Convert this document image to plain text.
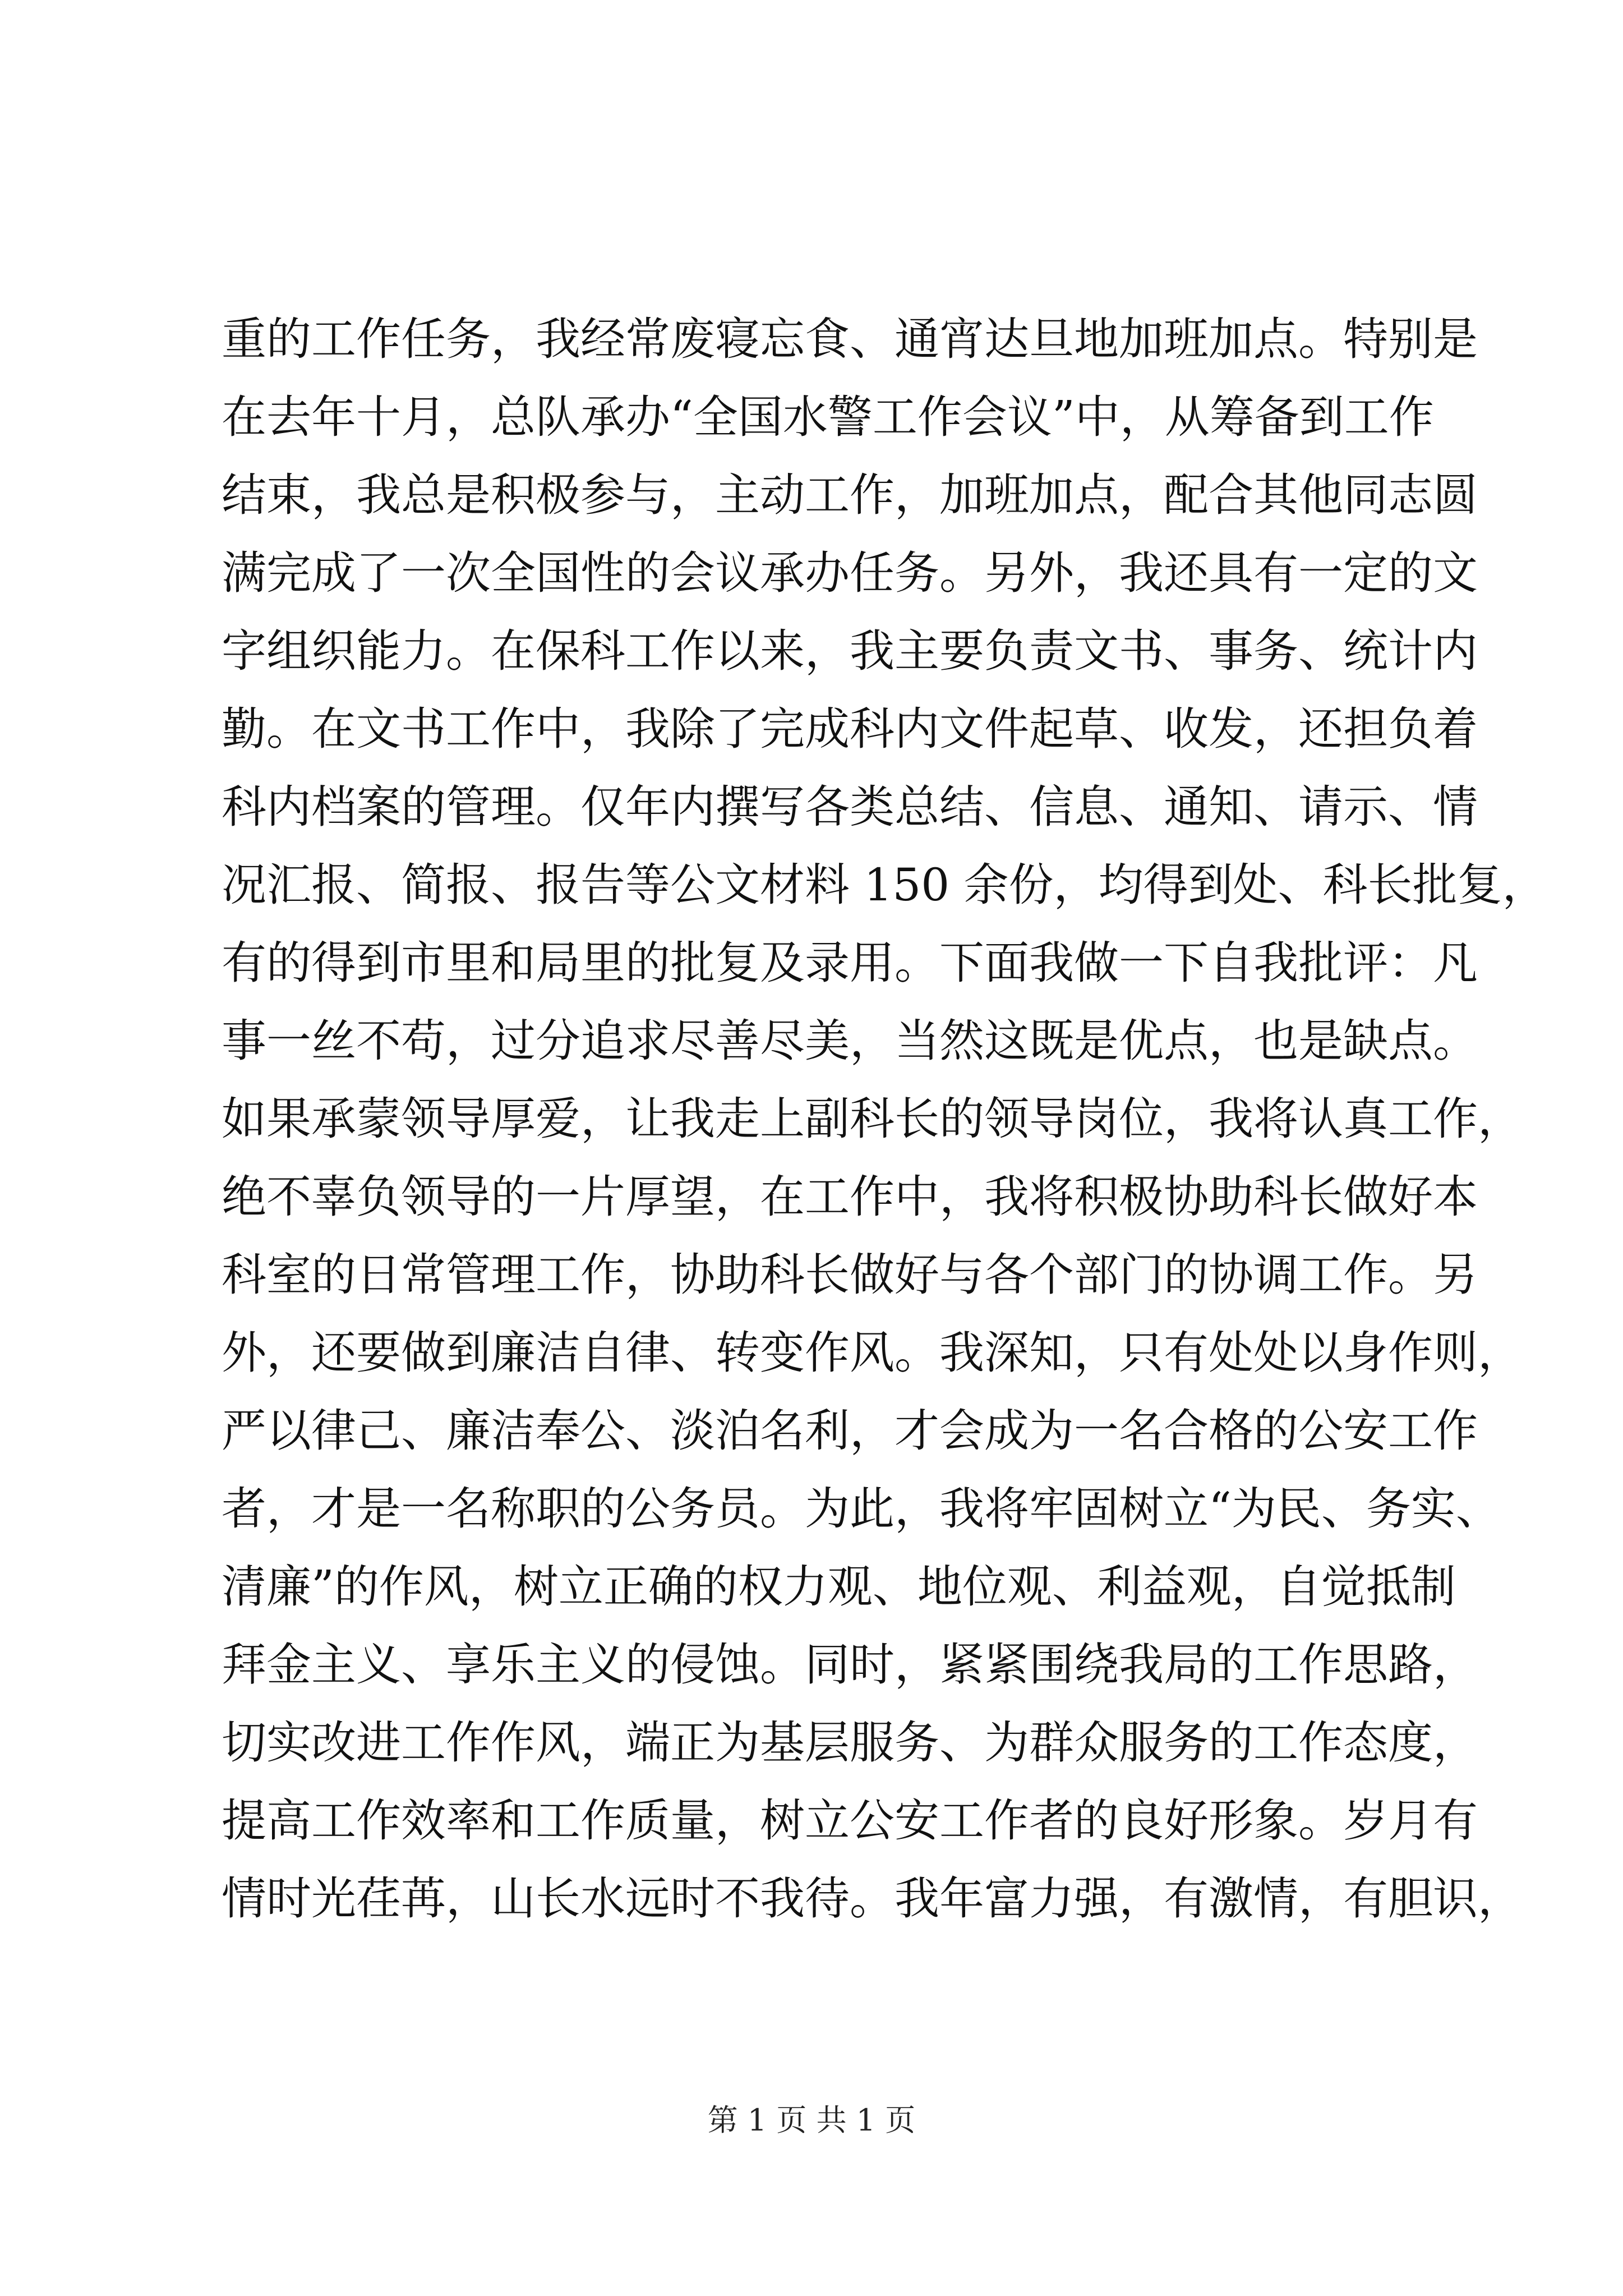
重的工作任务，我经常废寝忘食、通宵达旦地加班加点。特别是
在去年十月，总队承办“全国水警工作会议”中，从筹备到工作
结束，我总是积极参与，主动工作，加班加点，配合其他同志圆
满完成了一次全国性的会议承办任务。另外，我还具有一定的文
字组织能力。在保科工作以来，我主要负责文书、事务、统计内
勤。在文书工作中，我除了完成科内文件起草、收发，还担负着
科内档案的管理。仅年内撰写各类总结、信息、通知、请示、情
况汇报、简报、报告等公文材料 150 余份，均得到处、科长批复，
有的得到市里和局里的批复及录用。下面我做一下自我批评：凡
事一丝不苟，过分追求尽善尽美，当然这既是优点，也是缺点。
如果承蒙领导厚爱，让我走上副科长的领导岗位，我将认真工作，
绝不辜负领导的一片厚望，在工作中，我将积极协助科长做好本
科室的日常管理工作，协助科长做好与各个部门的协调工作。另
外，还要做到廉洁自律、转变作风。我深知，只有处处以身作则，
严以律己、廉洁奉公、淡泊名利，才会成为一名合格的公安工作
者，才是一名称职的公务员。为此，我将牢固树立“为民、务实、
清廉”的作风，树立正确的权力观、地位观、利益观，自觉抵制
拜金主义、享乐主义的侵蚀。同时，紧紧围绕我局的工作思路，
切实改进工作作风，端正为基层服务、为群众服务的工作态度，
提高工作效率和工作质量，树立公安工作者的良好形象。岁月有
情时光荏苒，山长水远时不我待。我年富力强，有激情，有胆识，
第 1 页 共 1 页
